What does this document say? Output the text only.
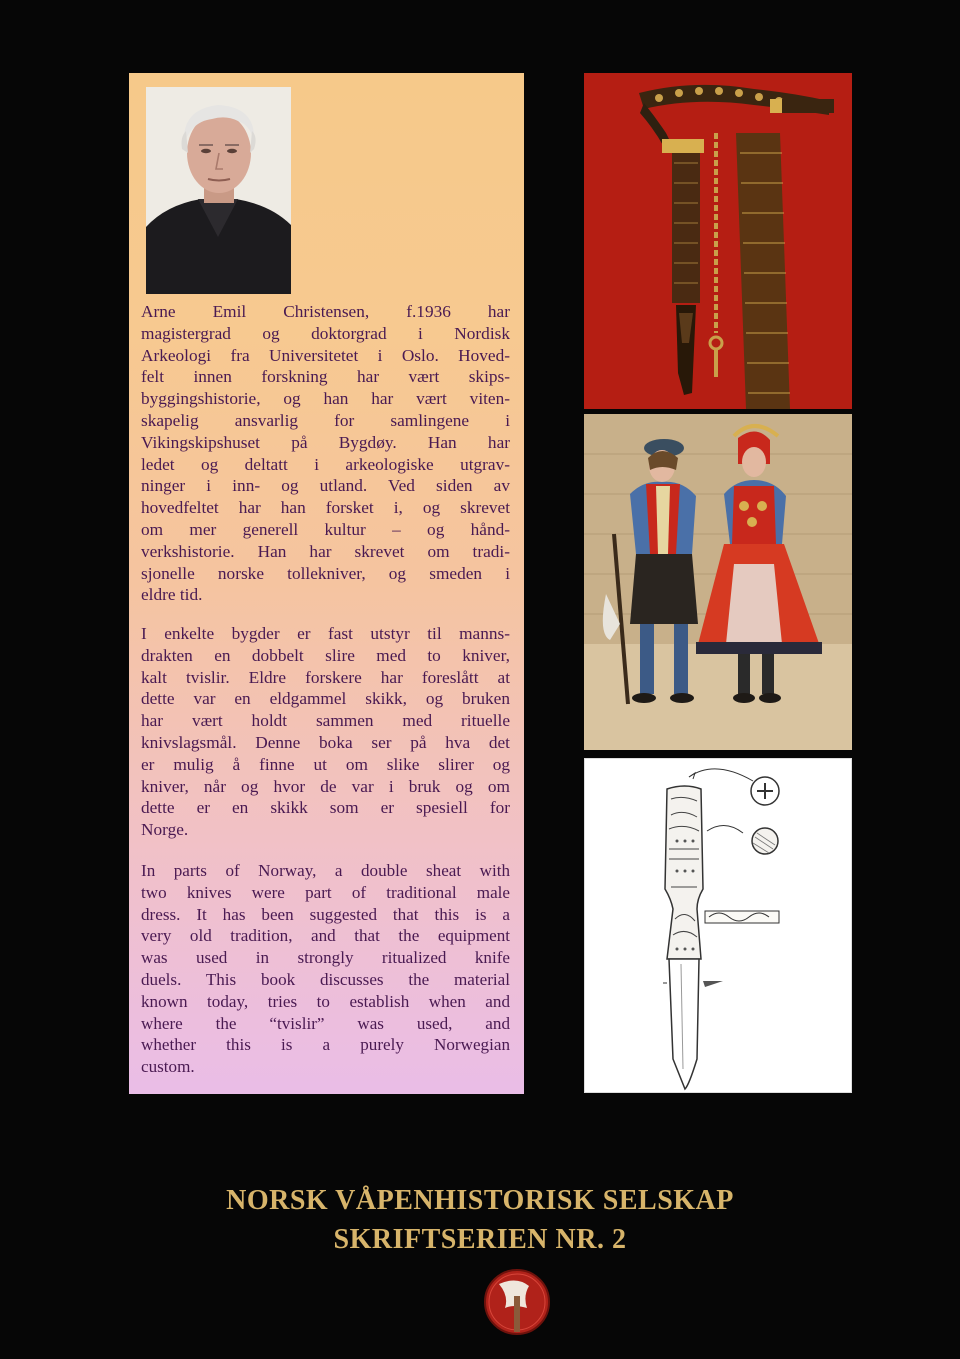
Arne Emil Christensen, f.1936 har
magistergrad og doktorgrad i Nordisk
Arkeologi fra Universitetet i Oslo. Hoved-
felt innen forskning har vært skips-
byggingshistorie, og han har vært viten-
skapelig ansvarlig for samlingene i
Vikingskipshuset på Bygdøy. Han har
ledet og deltatt i arkeologiske utgrav-
ninger i inn- og utland. Ved siden av
hovedfeltet har han forsket i, og skrevet
om mer generell kultur – og hånd-
verkshistorie. Han har skrevet om tradi-
sjonelle norske tollekniver, og smeden i
eldre tid.
I enkelte bygder er fast utstyr til manns-
drakten en dobbelt slire med to kniver,
kalt tvislir. Eldre forskere har foreslått at
dette var en eldgammel skikk, og bruken
har vært holdt sammen med rituelle
knivslagsmål. Denne boka ser på hva det
er mulig å finne ut om slike slirer og
kniver, når og hvor de var i bruk og om
dette er en skikk som er spesiell for
Norge.
In parts of Norway, a double sheat with
two knives were part of traditional male
dress. It has been suggested that this is a
very old tradition, and that the equipment
was used in strongly ritualized knife
duels. This book discusses the material
known today, tries to establish when and
where the “tvislir” was used, and
whether this is a purely Norwegian
custom.
NORSK VÅPENHISTORISK SELSKAP
SKRIFTSERIEN NR. 2
